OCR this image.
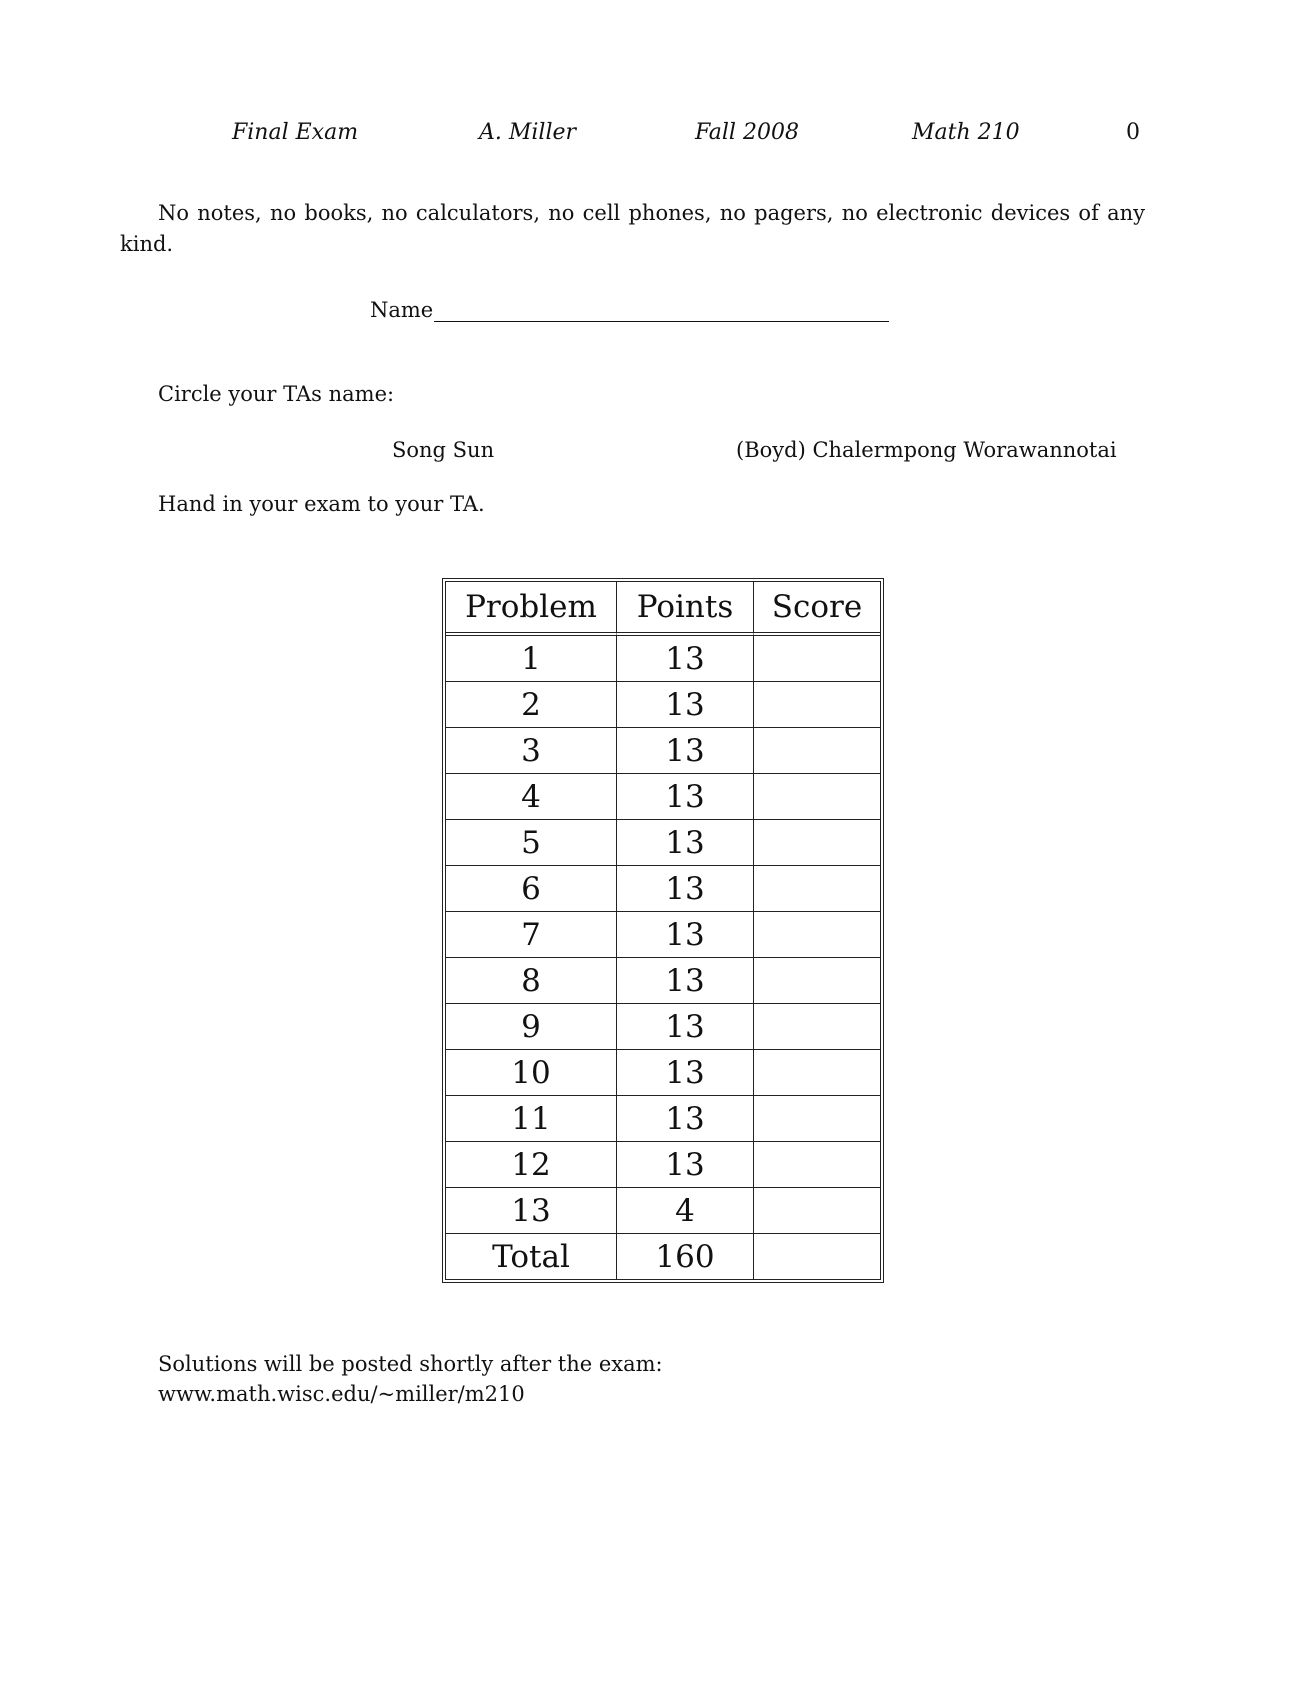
Final Exam	A. Miller	Fall 2008	Math 210	0
No notes, no books, no calculators, no cell phones, no pagers, no electronic devices of any kind.
Name
Circle your TAs name:
Song Sun	(Boyd) Chalermpong Worawannotai
Hand in your exam to your TA.
Problem	Points	Score
1	13	
2	13	
3	13	
4	13	
5	13	
6	13	
7	13	
8	13	
9	13	
10	13	
11	13	
12	13	
13	4	
Total	160	
Solutions will be posted shortly after the exam:
www.math.wisc.edu/~miller/m210
